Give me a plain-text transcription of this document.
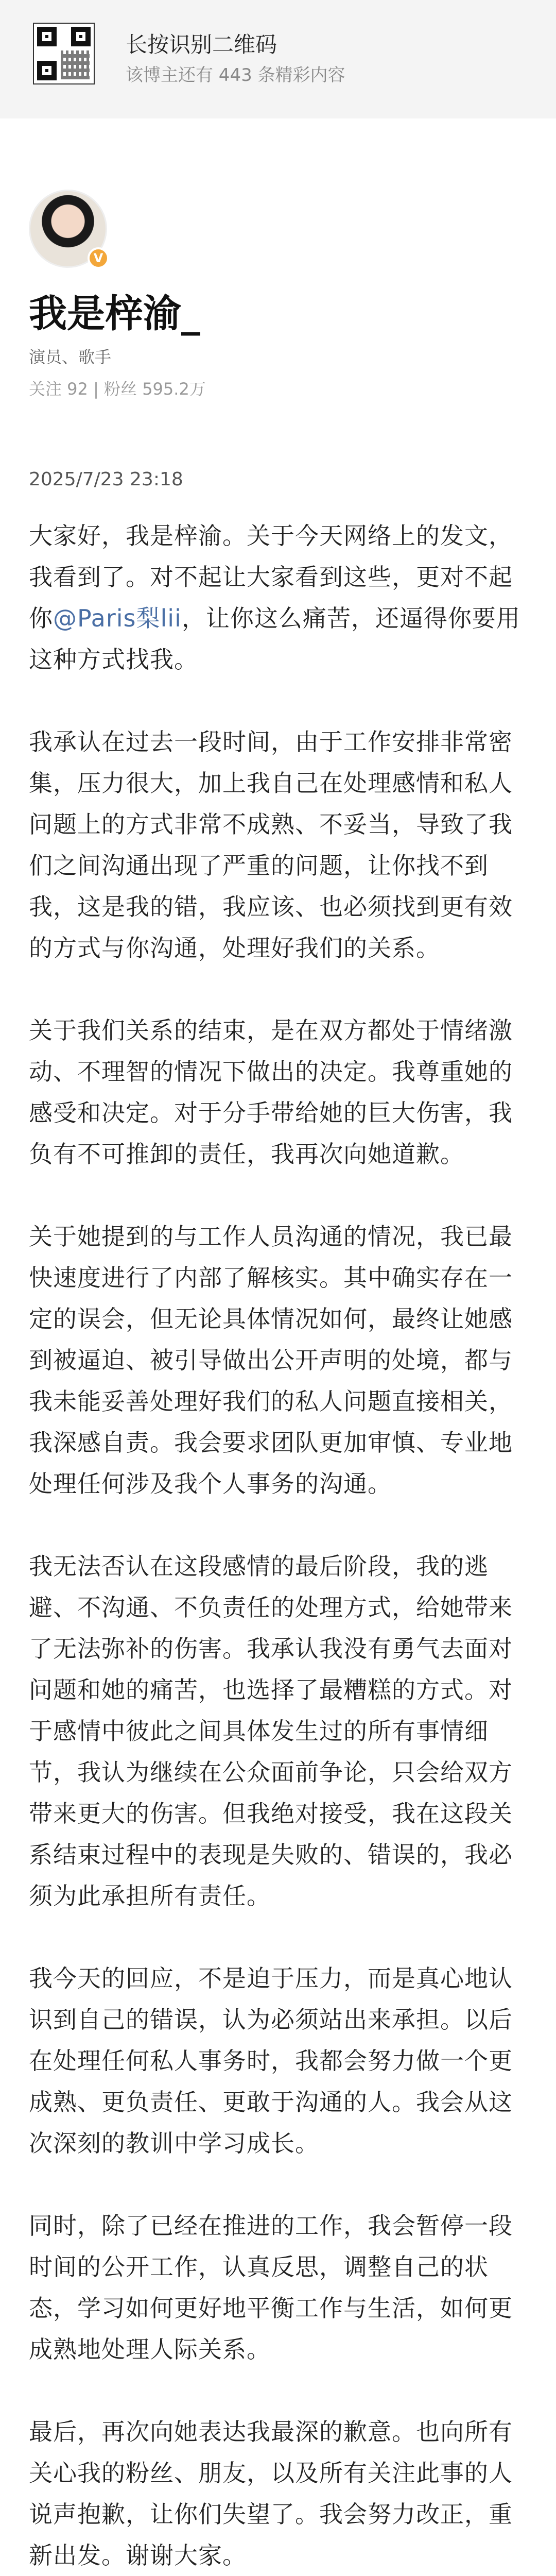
长按识别二维码
该博主还有 443 条精彩内容
V
我是梓渝_
演员、歌手
关注 92 | 粉丝 595.2万
2025/7/23 23:18

大家好，我是梓渝。关于今天网络上的发文，我看到了。对不起让大家看到这些，更对不起你@Paris梨lii，让你这么痛苦，还逼得你要用这种方式找我。

我承认在过去一段时间，由于工作安排非常密集，压力很大，加上我自己在处理感情和私人问题上的方式非常不成熟、不妥当，导致了我们之间沟通出现了严重的问题，让你找不到我，这是我的错，我应该、也必须找到更有效的方式与你沟通，处理好我们的关系。

关于我们关系的结束，是在双方都处于情绪激动、不理智的情况下做出的决定。我尊重她的感受和决定。对于分手带给她的巨大伤害，我负有不可推卸的责任，我再次向她道歉。

关于她提到的与工作人员沟通的情况，我已最快速度进行了内部了解核实。其中确实存在一定的误会，但无论具体情况如何，最终让她感到被逼迫、被引导做出公开声明的处境，都与我未能妥善处理好我们的私人问题直接相关，我深感自责。我会要求团队更加审慎、专业地处理任何涉及我个人事务的沟通。

我无法否认在这段感情的最后阶段，我的逃避、不沟通、不负责任的处理方式，给她带来了无法弥补的伤害。我承认我没有勇气去面对问题和她的痛苦，也选择了最糟糕的方式。对于感情中彼此之间具体发生过的所有事情细节，我认为继续在公众面前争论，只会给双方带来更大的伤害。但我绝对接受，我在这段关系结束过程中的表现是失败的、错误的，我必须为此承担所有责任。

我今天的回应，不是迫于压力，而是真心地认识到自己的错误，认为必须站出来承担。以后在处理任何私人事务时，我都会努力做一个更成熟、更负责任、更敢于沟通的人。我会从这次深刻的教训中学习成长。

同时，除了已经在推进的工作，我会暂停一段时间的公开工作，认真反思，调整自己的状态，学习如何更好地平衡工作与生活，如何更成熟地处理人际关系。

最后，再次向她表达我最深的歉意。也向所有关心我的粉丝、朋友，以及所有关注此事的人说声抱歉，让你们失望了。我会努力改正，重新出发。谢谢大家。
